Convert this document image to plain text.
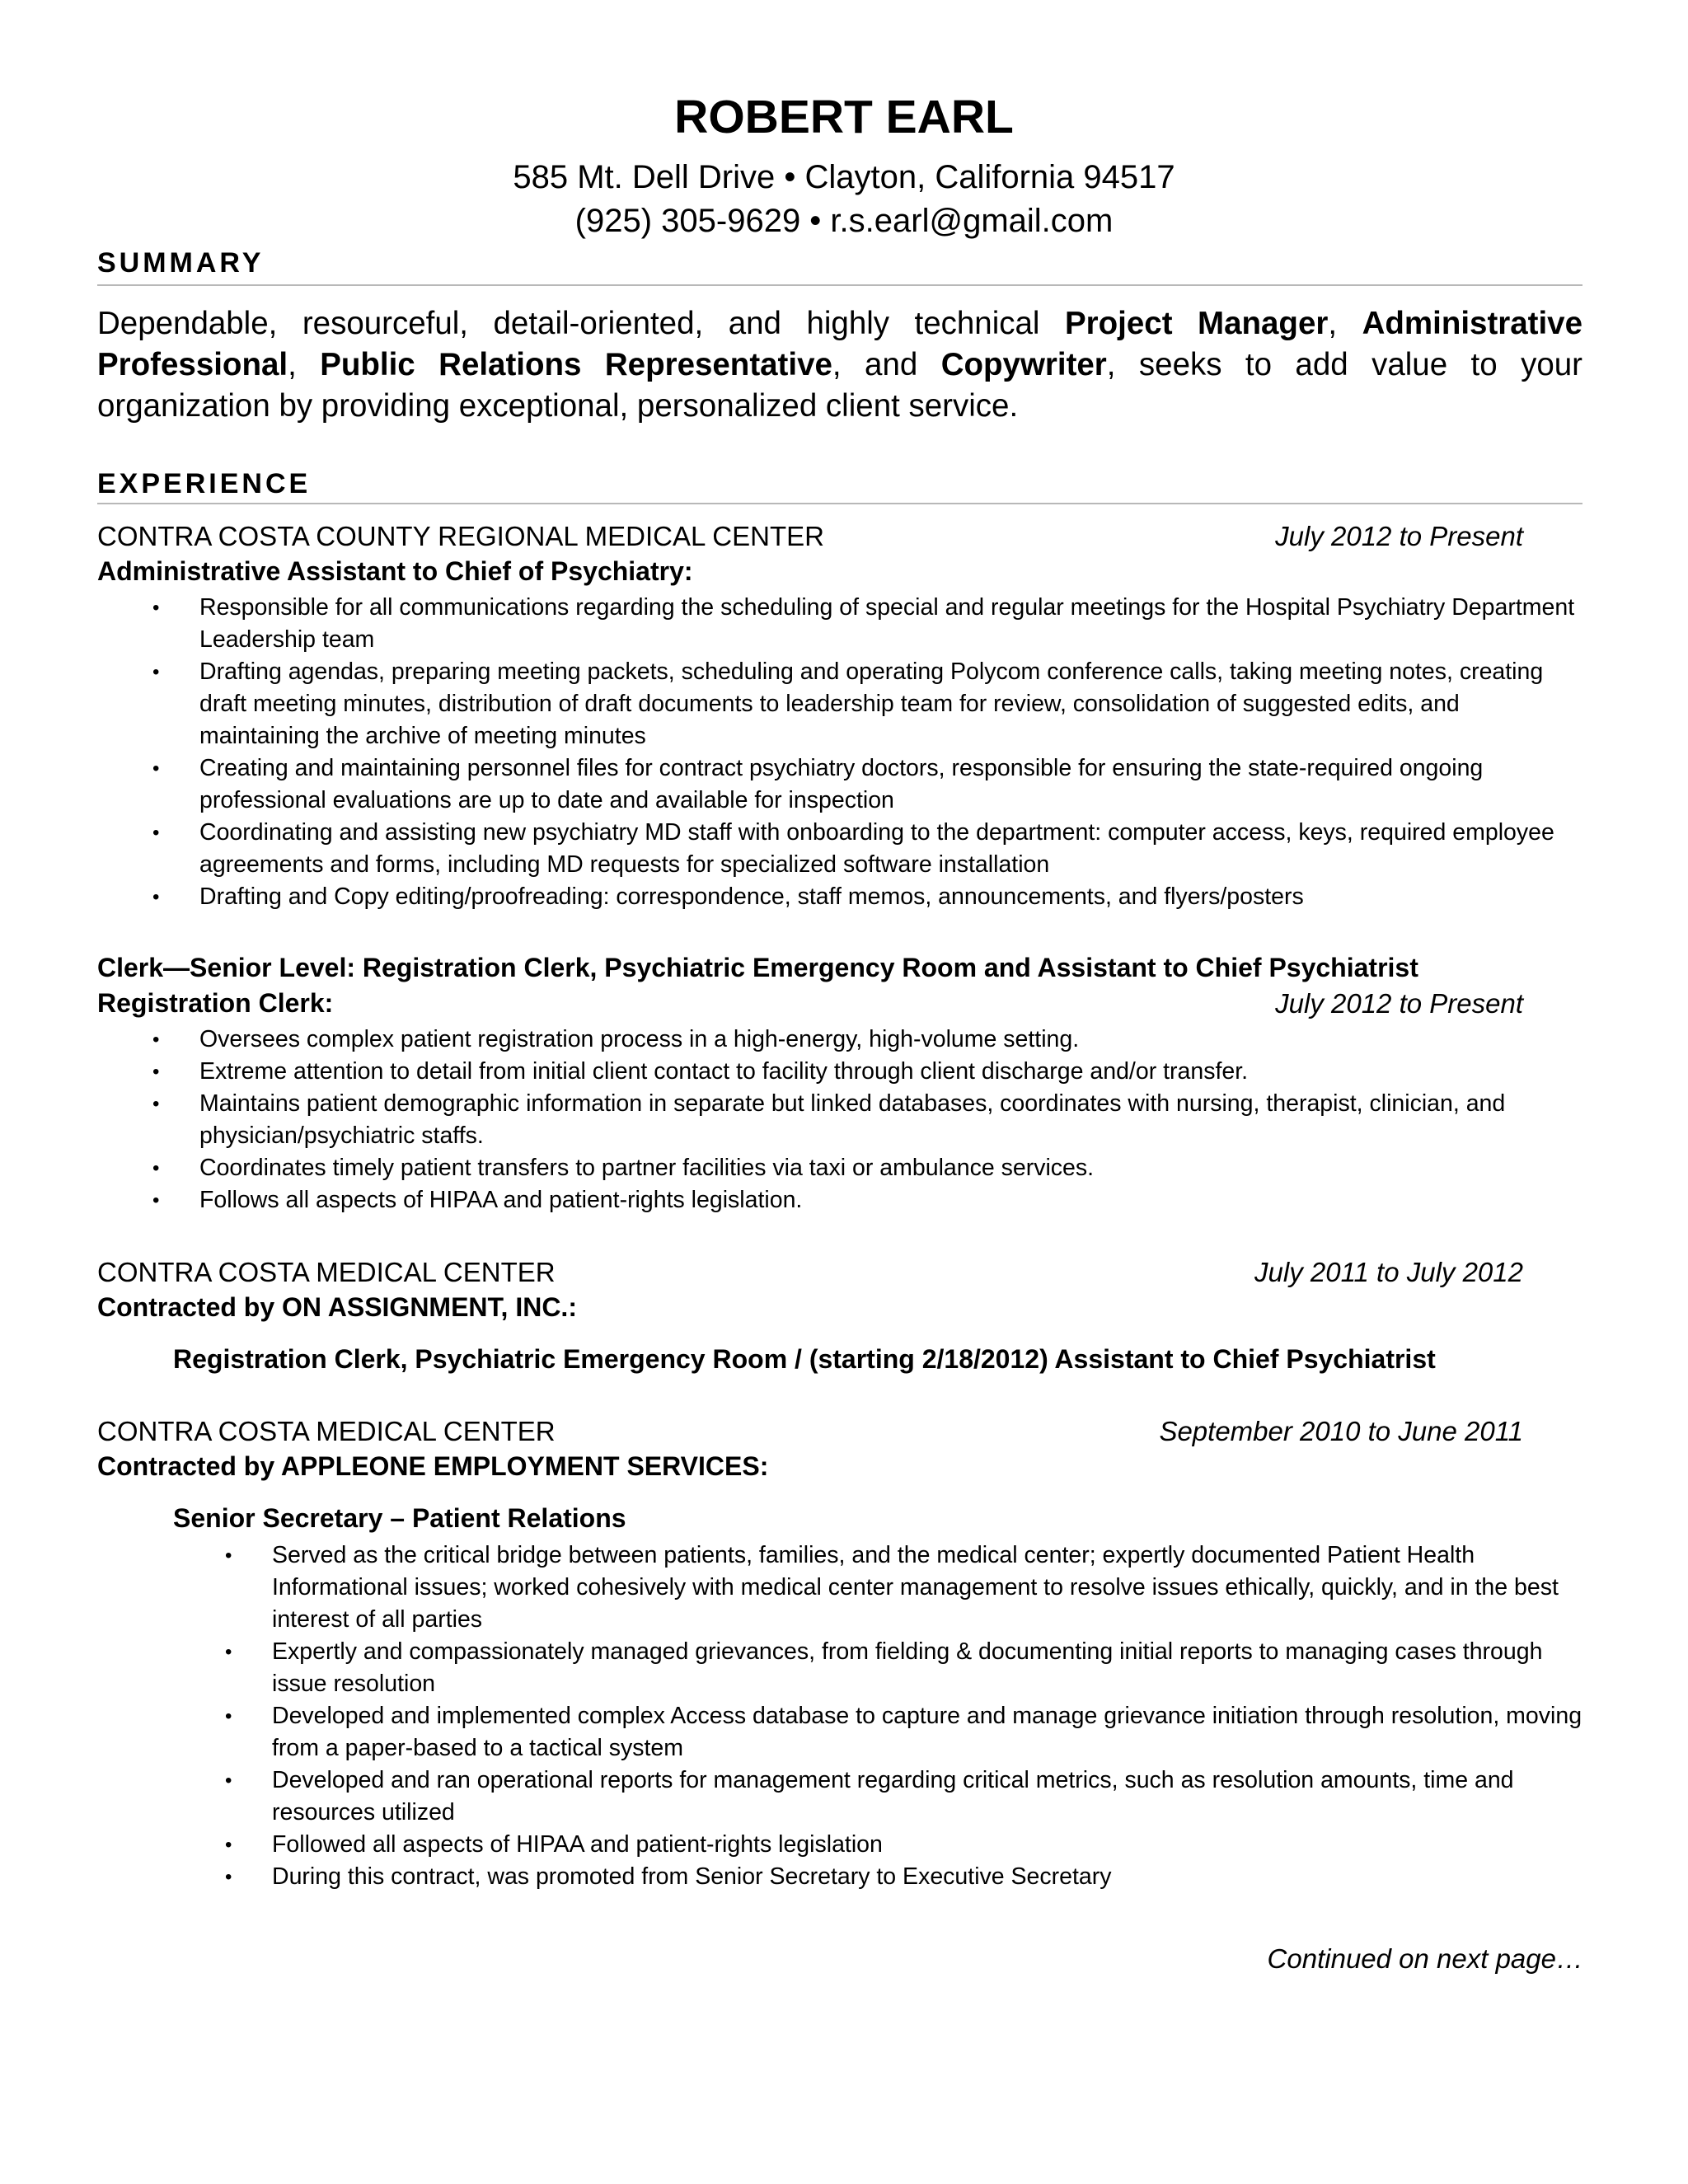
ROBERT EARL
585 Mt. Dell Drive • Clayton, California 94517
(925) 305-9629 • r.s.earl@gmail.com
SUMMARY
Dependable, resourceful, detail-oriented, and highly technical Project Manager, Administrative Professional, Public Relations Representative, and Copywriter, seeks to add value to your organization by providing exceptional, personalized client service.
EXPERIENCE
CONTRA COSTA COUNTY REGIONAL MEDICAL CENTER	July 2012 to Present
Administrative Assistant to Chief of Psychiatry:
• Responsible for all communications regarding the scheduling of special and regular meetings for the Hospital Psychiatry Department Leadership team
• Drafting agendas, preparing meeting packets, scheduling and operating Polycom conference calls, taking meeting notes, creating draft meeting minutes, distribution of draft documents to leadership team for review, consolidation of suggested edits, and maintaining the archive of meeting minutes
• Creating and maintaining personnel files for contract psychiatry doctors, responsible for ensuring the state-required ongoing professional evaluations are up to date and available for inspection
• Coordinating and assisting new psychiatry MD staff with onboarding to the department: computer access, keys, required employee agreements and forms, including MD requests for specialized software installation
• Drafting and Copy editing/proofreading: correspondence, staff memos, announcements, and flyers/posters
Clerk—Senior Level: Registration Clerk, Psychiatric Emergency Room and Assistant to Chief Psychiatrist
Registration Clerk:	July 2012 to Present
• Oversees complex patient registration process in a high-energy, high-volume setting.
• Extreme attention to detail from initial client contact to facility through client discharge and/or transfer.
• Maintains patient demographic information in separate but linked databases, coordinates with nursing, therapist, clinician, and physician/psychiatric staffs.
• Coordinates timely patient transfers to partner facilities via taxi or ambulance services.
• Follows all aspects of HIPAA and patient-rights legislation.
CONTRA COSTA MEDICAL CENTER	July 2011 to July 2012
Contracted by ON ASSIGNMENT, INC.:
Registration Clerk, Psychiatric Emergency Room / (starting 2/18/2012) Assistant to Chief Psychiatrist
CONTRA COSTA MEDICAL CENTER	September 2010 to June 2011
Contracted by APPLEONE EMPLOYMENT SERVICES:
Senior Secretary – Patient Relations
• Served as the critical bridge between patients, families, and the medical center; expertly documented Patient Health Informational issues; worked cohesively with medical center management to resolve issues ethically, quickly, and in the best interest of all parties
• Expertly and compassionately managed grievances, from fielding & documenting initial reports to managing cases through issue resolution
• Developed and implemented complex Access database to capture and manage grievance initiation through resolution, moving from a paper-based to a tactical system
• Developed and ran operational reports for management regarding critical metrics, such as resolution amounts, time and resources utilized
• Followed all aspects of HIPAA and patient-rights legislation
• During this contract, was promoted from Senior Secretary to Executive Secretary
Continued on next page…
